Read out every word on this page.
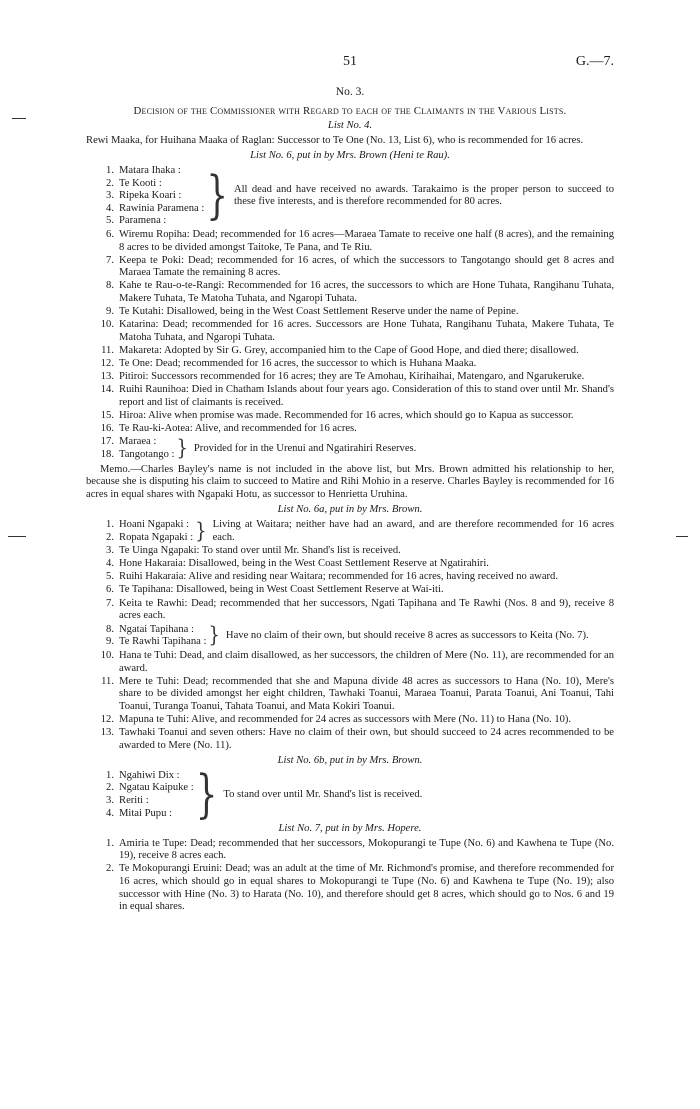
51	G.—7.
No. 3.
Decision of the Commissioner with Regard to each of the Claimants in the Various Lists.
List No. 4.
Rewi Maaka, for Huihana Maaka of Raglan: Successor to Te One (No. 13, List 6), who is recommended for 16 acres.
List No. 6, put in by Mrs. Brown (Heni te Rau).
1. Matara Ihaka :
2. Te Kooti :
3. Ripeka Koari :
4. Rawinia Paramena :
5. Paramena : } All dead and have received no awards. Tarakaimo is the proper person to succeed to these five interests, and is therefore recommended for 80 acres.
6. Wiremu Ropiha: Dead; recommended for 16 acres—Maraea Tamate to receive one half (8 acres), and the remaining 8 acres to be divided amongst Taitoke, Te Pana, and Te Riu.
7. Keepa te Poki: Dead; recommended for 16 acres, of which the successors to Tangotango should get 8 acres and Maraea Tamate the remaining 8 acres.
8. Kahe te Rau-o-te-Rangi: Recommended for 16 acres, the successors to which are Hone Tuhata, Rangihanu Tuhata, Makere Tuhata, Te Matoha Tuhata, and Ngaropi Tuhata.
9. Te Kutahi: Disallowed, being in the West Coast Settlement Reserve under the name of Pepine.
10. Katarina: Dead; recommended for 16 acres. Successors are Hone Tuhata, Rangihanu Tuhata, Makere Tuhata, Te Matoha Tuhata, and Ngaropi Tuhata.
11. Makareta: Adopted by Sir G. Grey, accompanied him to the Cape of Good Hope, and died there; disallowed.
12. Te One: Dead; recommended for 16 acres, the successor to which is Huhana Maaka.
13. Pitiroi: Successors recommended for 16 acres; they are Te Amohau, Kirihaihai, Matengaro, and Ngarukeruke.
14. Ruihi Raunihoa: Died in Chatham Islands about four years ago. Consideration of this to stand over until Mr. Shand's report and list of claimants is received.
15. Hiroa: Alive when promise was made. Recommended for 16 acres, which should go to Kapua as successor.
16. Te Rau-ki-Aotea: Alive, and recommended for 16 acres.
17. Maraea :
18. Tangotango : } Provided for in the Urenui and Ngatirahiri Reserves.
Memo.—Charles Bayley's name is not included in the above list, but Mrs. Brown admitted his relationship to her, because she is disputing his claim to succeed to Matire and Rihi Mohio in a reserve. Charles Bayley is recommended for 16 acres in equal shares with Ngapaki Hotu, as successor to Henrietta Uruhina.
List No. 6a, put in by Mrs. Brown.
1. Hoani Ngapaki :
2. Ropata Ngapaki : } Living at Waitara; neither have had an award, and are therefore recommended for 16 acres each.
3. Te Uinga Ngapaki: To stand over until Mr. Shand's list is received.
4. Hone Hakaraia: Disallowed, being in the West Coast Settlement Reserve at Ngatirahiri.
5. Ruihi Hakaraia: Alive and residing near Waitara; recommended for 16 acres, having received no award.
6. Te Tapihana: Disallowed, being in West Coast Settlement Reserve at Wai-iti.
7. Keita te Rawhi: Dead; recommended that her successors, Ngati Tapihana and Te Rawhi (Nos. 8 and 9), receive 8 acres each.
8. Ngatai Tapihana :
9. Te Rawhi Tapihana : } Have no claim of their own, but should receive 8 acres as successors to Keita (No. 7).
10. Hana te Tuhi: Dead, and claim disallowed, as her successors, the children of Mere (No. 11), are recommended for an award.
11. Mere te Tuhi: Dead; recommended that she and Mapuna divide 48 acres as successors to Hana (No. 10), Mere's share to be divided amongst her eight children, Tawhaki Toanui, Maraea Toanui, Parata Toanui, Ani Toanui, Tahi Toanui, Turanga Toanui, Tahata Toanui, and Mata Kokiri Toanui.
12. Mapuna te Tuhi: Alive, and recommended for 24 acres as successors with Mere (No. 11) to Hana (No. 10).
13. Tawhaki Toanui and seven others: Have no claim of their own, but should succeed to 24 acres recommended to be awarded to Mere (No. 11).
List No. 6b, put in by Mrs. Brown.
1. Ngahiwi Dix :
2. Ngatau Kaipuke :
3. Reriti :
4. Mitai Pupu : } To stand over until Mr. Shand's list is received.
List No. 7, put in by Mrs. Hopere.
1. Amiria te Tupe: Dead; recommended that her successors, Mokopurangi te Tupe (No. 6) and Kawhena te Tupe (No. 19), receive 8 acres each.
2. Te Mokopurangi Eruini: Dead; was an adult at the time of Mr. Richmond's promise, and therefore recommended for 16 acres, which should go in equal shares to Mokopurangi te Tupe (No. 6) and Kawhena te Tupe (No. 19); also successor with Hine (No. 3) to Harata (No. 10), and therefore should get 8 acres, which should go to Nos. 6 and 19 in equal shares.
